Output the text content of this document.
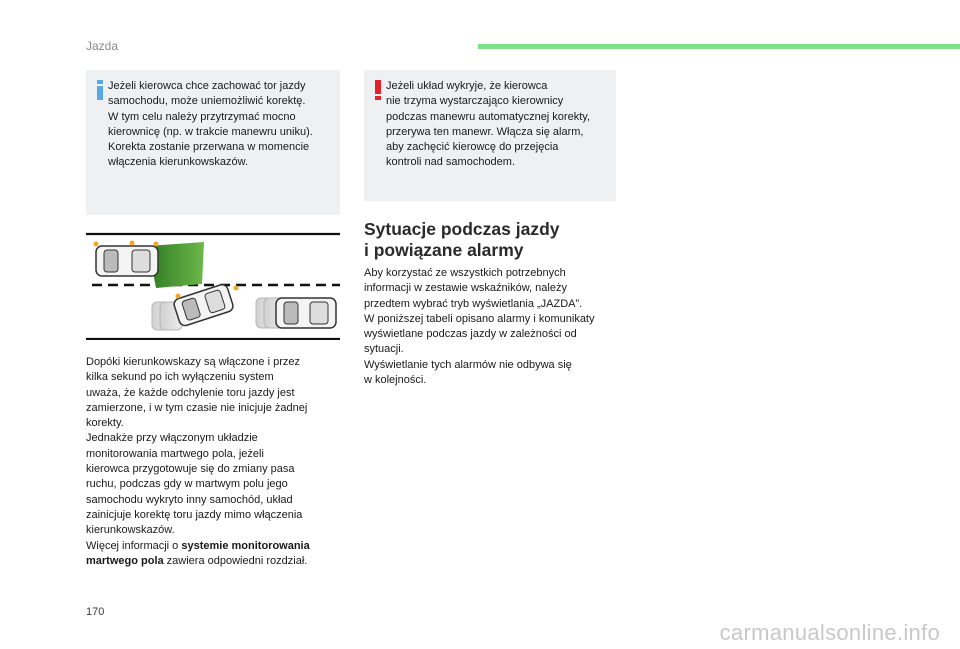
Jazda
Jeżeli kierowca chce zachować tor jazdy
samochodu, może uniemożliwić korektę.
W tym celu należy przytrzymać mocno
kierownicę (np. w trakcie manewru uniku).
Korekta zostanie przerwana w momencie
włączenia kierunkowskazów.
Jeżeli układ wykryje, że kierowca
nie trzyma wystarczająco kierownicy
podczas manewru automatycznej korekty,
przerywa ten manewr. Włącza się alarm,
aby zachęcić kierowcę do przejęcia
kontroli nad samochodem.
Dopóki kierunkowskazy są włączone i przez
kilka sekund po ich wyłączeniu system
uważa, że każde odchylenie toru jazdy jest
zamierzone, i w tym czasie nie inicjuje żadnej
korekty.
Jednakże przy włączonym układzie
monitorowania martwego pola, jeżeli
kierowca przygotowuje się do zmiany pasa
ruchu, podczas gdy w martwym polu jego
samochodu wykryto inny samochód, układ
zainicjuje korektę toru jazdy mimo włączenia
kierunkowskazów.
Więcej informacji o systemie monitorowania
martwego pola zawiera odpowiedni rozdział.
Sytuacje podczas jazdy
i powiązane alarmy
Aby korzystać ze wszystkich potrzebnych
informacji w zestawie wskaźników, należy
przedtem wybrać tryb wyświetlania „JAZDA”.
W poniższej tabeli opisano alarmy i komunikaty
wyświetlane podczas jazdy w zależności od
sytuacji.
Wyświetlanie tych alarmów nie odbywa się
w kolejności.
170
carmanualsonline.info
